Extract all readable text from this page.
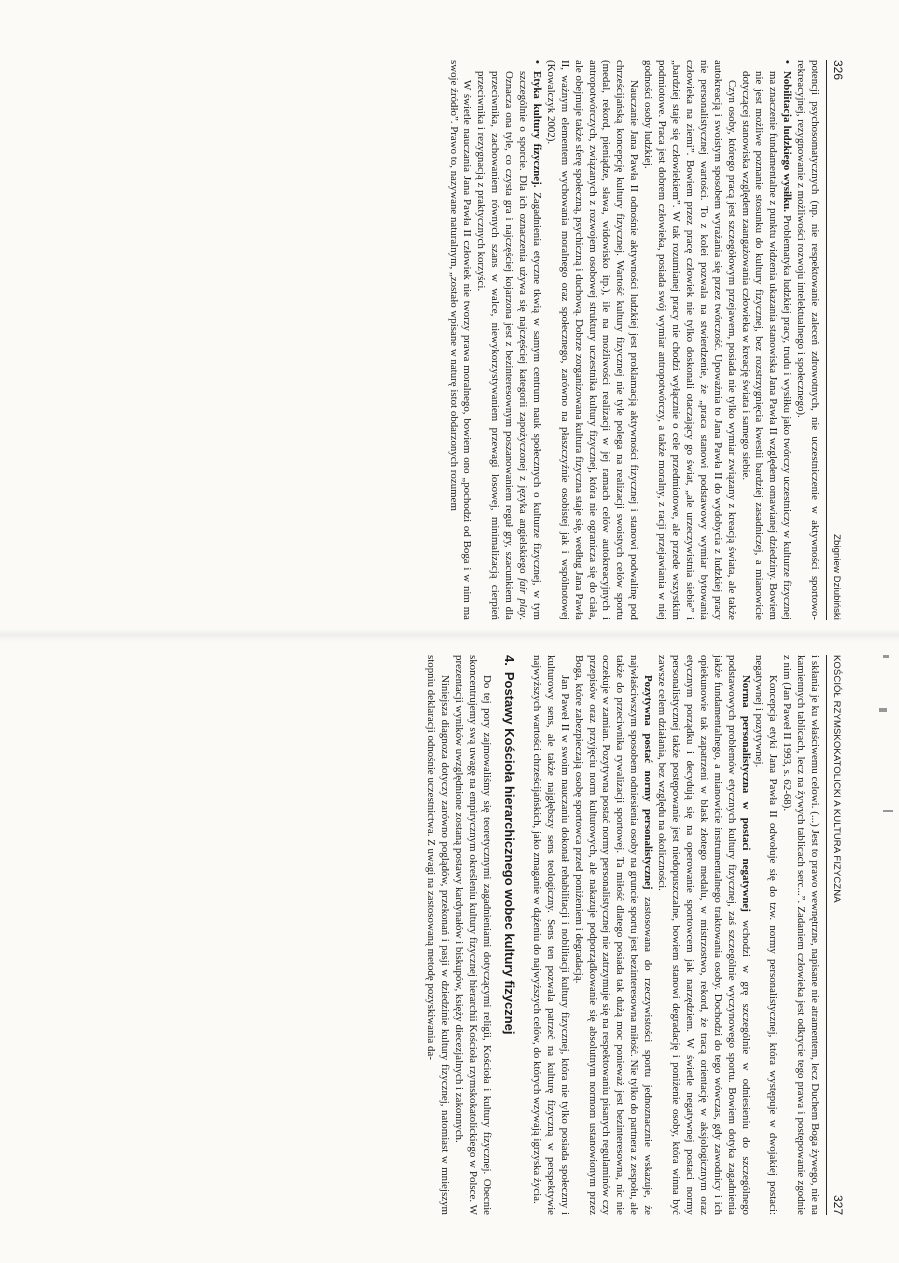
326
Zbigniew Dziubiński

potencji psychosomatycznych (np. nie respektowanie zaleceń zdrowotnych, nie uczestniczenie w aktywności sportowo-rekreacyjnej, rezygnowanie z możliwości rozwoju intelektualnego i społecznego).

•Nobilitacja ludzkiego wysiłku. Problematyka ludzkiej pracy, trudu i wysiłku jako twórczy uczestniczy w kulturze fizycznej ma znaczenie fundamentalne z punktu widzenia ukazania stanowiska Jana Pawła II względem omawianej dziedziny. Bowiem nie jest możliwe poznanie stosunku do kultury fizycznej, bez rozstrzygnięcia kwestii bardziej zasadniczej, a mianowicie dotyczącej stanowiska względem zaangażowania człowieka w kreację świata i samego siebie.

Czyn osoby, którego pracą jest szczegółowym przejawem, posiada nie tylko wymiar związany z kreacją świata, ale także autokreacją i swoistym sposobem wyrażania się przez twórczość. Upoważnia to Jana Pawła II do wydobycia z ludzkiej pracy nie personalistycznej wartości. To z kolei pozwala na stwierdzenie, że „praca stanowi podstawowy wymiar bytowania człowieka na ziemi”. Bowiem przez pracę człowiek nie tylko doskonali otaczający go świat, „ale urzeczywistnia siebie” i „bardziej staje się człowiekiem”. W tak rozumianej pracy nie chodzi wyłącznie o cele przedmiotowe, ale przede wszystkim podmiotowe. Praca jest dobrem człowieka, posiada swój wymiar antropotwórczy, a także moralny, z racji przejawiania w niej godności osoby ludzkiej.

Nauczanie Jana Pawła II odnośnie aktywności ludzkiej jest proklamacją aktywności fizycznej i stanowi podwalinę pod chrześcijańską koncepcję kultury fizycznej. Wartość kultury fizycznej nie tyle polega na realizacji swoistych celów sportu (medal, rekord, pieniądze, sława, widowisko itp.), ile na możliwości realizacji w jej ramach celów autokreacyjnych i antropotwórczych, związanych z rozwojem osobowej struktury uczestnika kultury fizycznej, która nie ogranicza się do ciała, ale obejmuje także sferę społeczną, psychiczną i duchową. Dobrze zorganizowana kultura fizyczna staje się, według Jana Pawła II, ważnym elementem wychowania moralnego oraz społecznego, zarówno na płaszczyźnie osobistej jak i wspólnotowej (Kowalczyk 2002).

•Etyka kultury fizycznej. Zagadnienia etyczne tkwią w samym centrum nauk społecznych o kulturze fizycznej, w tym szczególnie o sporcie. Dla ich oznaczenia używa się najczęściej kategorii zapożyczonej z języka angielskiego fair play. Oznacza ona tyle, co czysta gra i najczęściej kojarzona jest z bezinteresownym poszanowaniem reguł gry, szacunkiem dla przeciwnika, zachowaniem równych szans w walce, niewykorzystywaniem przewagi losowej, minimalizacją cierpień przeciwnika i rezygnacją z praktycznych korzyści.

W świetle nauczania Jana Pawła II człowiek nie tworzy prawa moralnego, bowiem ono „pochodzi od Boga i w nim ma swoje źródło”. Prawo to, nazywane naturalnym, „zostało wpisane w naturę istot obdarzonych rozumem

KOŚCIÓŁ RZYMSKOKATOLICKI A KULTURA FIZYCZNA
327

i skłania je ku właściwemu celowi. (...) Jest to prawo wewnętrzne, napisane nie atramentem, lecz Duchem Boga żywego, nie na kamiennych tablicach, lecz na żywych tablicach serc...”. Zadaniem człowieka jest odkrycie tego prawa i postępowanie zgodnie z nim (Jan Paweł II 1993, s. 62-68).

Koncepcja etyki Jana Pawła II odwołuje się do tzw. normy personalistycznej, która występuje w dwojakiej postaci: negatywnej i pozytywnej.

Norma personalistyczna w postaci negatywnej wchodzi w grę szczególnie w odniesieniu do szczególnego podstawowych problemów etycznych kultury fizycznej, zaś szczególnie wyczynowego sportu. Bowiem dotyka zagadnienia jakże fundamentalnego, a mianowicie instrumentalnego traktowania osoby. Dochodzi do tego wówczas, gdy zawodnicy i ich opiekunowie tak zapatrzeni w blask złotego medalu, w mistrzostwo, rekord, że tracą orientację w aksjologicznym oraz etycznym porządku i decydują się na operowanie sportowcem jak narzędziem. W świetle negatywnej postaci normy personalistycznej także postępowanie jest niedopuszczalne, bowiem stanowi degradację i poniżenie osoby, która winna być zawsze celem działania, bez względu na okoliczności.

Pozytywna postać normy personalistycznej zastosowana do rzeczywistości sportu jednoznacznie wskazuje, że najwłaściwszym sposobem odniesienia osoby na gruncie sportu jest bezinteresowna miłość. Nie tylko do partnera z zespołu, ale także do przeciwnika rywalizacji sportowej. Ta miłość dlatego posiada tak dużą moc ponieważ jest bezinteresowna, nic nie oczekuje w zamian. Pozytywna postać normy personalistycznej nie zatrzymuje się na respektowaniu pisanych regulaminów czy przepisów oraz przyjęciu norm kulturowych, ale nakazuje podporządkowanie się absolutnym normom ustanowionym przez Boga, które zabezpieczają osobę sportowca przed poniżeniem i degradacją.

Jan Paweł II w swoim nauczaniu dokonał rehabilitacji i nobilitacji kultury fizycznej, która nie tylko posiada społeczny i kulturowy sens, ale także najgłębszy sens teologiczny. Sens ten pozwala patrzeć na kulturę fizyczną w perspektywie najwyższych wartości chrześcijańskich, jako zmaganie w dążeniu do najwyższych celów, do których wzywają igrzyska życia.

4.Postawy Kościoła hierarchicznego wobec kultury fizycznej

Do tej pory zajmowaliśmy się teoretycznymi zagadnieniami dotyczącymi religii, Kościoła i kultury fizycznej. Obecnie skoncentrujemy swą uwagę na empirycznym określeniu kultury fizycznej hierarchii Kościoła rzymskokatolickiego w Polsce. W prezentacji wyników uwzględnione zostaną postawy kardynałów i biskupów, księży diecezjalnych i zakonnych.

Niniejsza diagnoza dotyczy zarówno poglądów, przekonań i pasji w dziedzinie kultury fizycznej, natomiast w mniejszym stopniu deklaracji odnośnie uczestnictwa. Z uwagi na zastosowaną metodę pozyskiwania da-
